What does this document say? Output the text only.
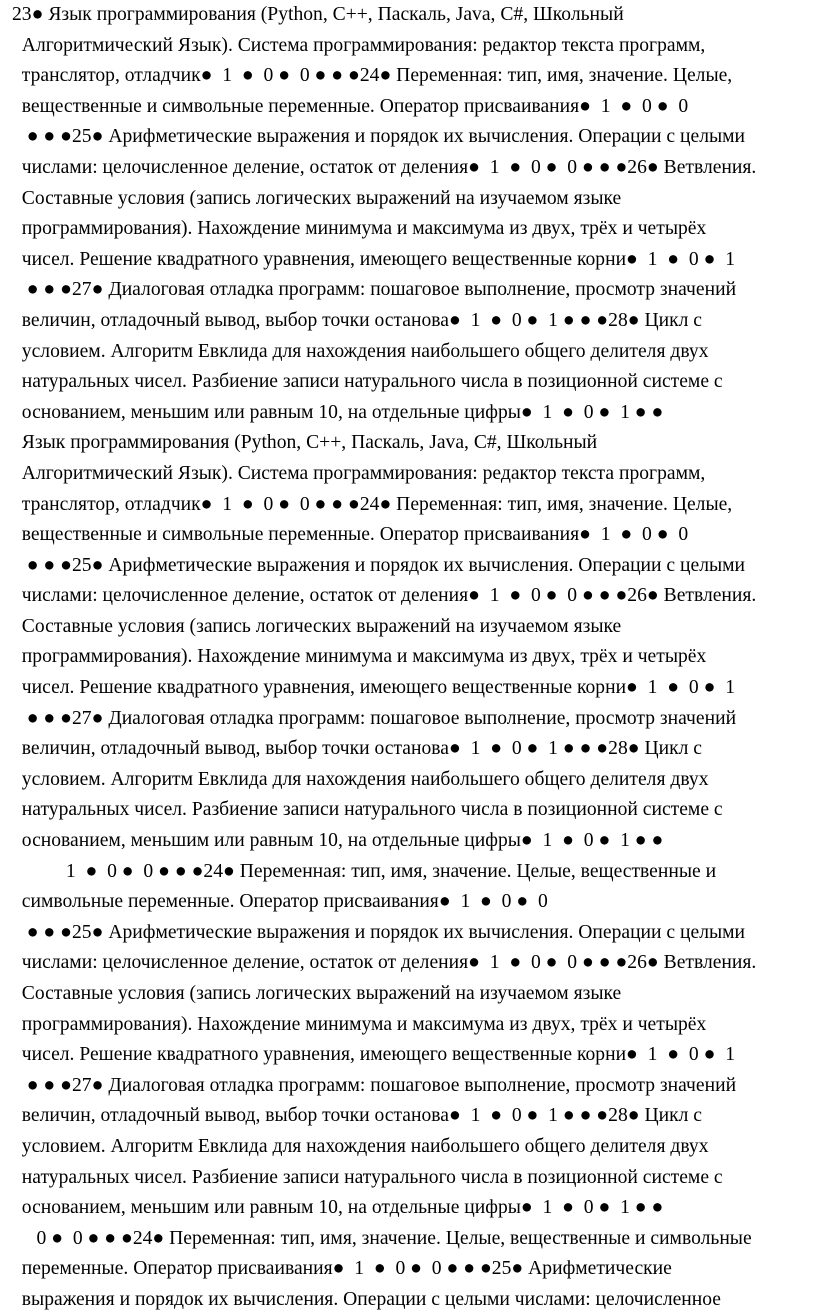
23● Язык программирования (Python, C++, Паскаль, Java, C#, Школьный
Алгоритмический Язык). Система программирования: редактор текста программ,
транслятор, отладчик●  1  ●  0 ●  0 ● ● ●24● Переменная: тип, имя, значение. Целые,
вещественные и символьные переменные. Оператор присваивания●  1  ●  0 ●  0
● ● ●25● Арифметические выражения и порядок их вычисления. Операции с целыми
числами: целочисленное деление, остаток от деления●  1  ●  0 ●  0 ● ● ●26● Ветвления.
Составные условия (запись логических выражений на изучаемом языке
программирования). Нахождение минимума и максимума из двух, трёх и четырёх
чисел. Решение квадратного уравнения, имеющего вещественные корни●  1  ●  0 ●  1
● ● ●27● Диалоговая отладка программ: пошаговое выполнение, просмотр значений
величин, отладочный вывод, выбор точки останова●  1  ●  0 ●  1 ● ● ●28● Цикл с
условием. Алгоритм Евклида для нахождения наибольшего общего делителя двух
натуральных чисел. Разбиение записи натурального числа в позиционной системе с
основанием, меньшим или равным 10, на отдельные цифры●  1  ●  0 ●  1 ● ●
Язык программирования (Python, C++, Паскаль, Java, C#, Школьный
Алгоритмический Язык). Система программирования: редактор текста программ,
транслятор, отладчик●  1  ●  0 ●  0 ● ● ●24● Переменная: тип, имя, значение. Целые,
вещественные и символьные переменные. Оператор присваивания●  1  ●  0 ●  0
● ● ●25● Арифметические выражения и порядок их вычисления. Операции с целыми
числами: целочисленное деление, остаток от деления●  1  ●  0 ●  0 ● ● ●26● Ветвления.
Составные условия (запись логических выражений на изучаемом языке
программирования). Нахождение минимума и максимума из двух, трёх и четырёх
чисел. Решение квадратного уравнения, имеющего вещественные корни●  1  ●  0 ●  1
● ● ●27● Диалоговая отладка программ: пошаговое выполнение, просмотр значений
величин, отладочный вывод, выбор точки останова●  1  ●  0 ●  1 ● ● ●28● Цикл с
условием. Алгоритм Евклида для нахождения наибольшего общего делителя двух
натуральных чисел. Разбиение записи натурального числа в позиционной системе с
основанием, меньшим или равным 10, на отдельные цифры●  1  ●  0 ●  1 ● ●
1  ●  0 ●  0 ● ● ●24● Переменная: тип, имя, значение. Целые, вещественные и
символьные переменные. Оператор присваивания●  1  ●  0 ●  0
● ● ●25● Арифметические выражения и порядок их вычисления. Операции с целыми
числами: целочисленное деление, остаток от деления●  1  ●  0 ●  0 ● ● ●26● Ветвления.
Составные условия (запись логических выражений на изучаемом языке
программирования). Нахождение минимума и максимума из двух, трёх и четырёх
чисел. Решение квадратного уравнения, имеющего вещественные корни●  1  ●  0 ●  1
● ● ●27● Диалоговая отладка программ: пошаговое выполнение, просмотр значений
величин, отладочный вывод, выбор точки останова●  1  ●  0 ●  1 ● ● ●28● Цикл с
условием. Алгоритм Евклида для нахождения наибольшего общего делителя двух
натуральных чисел. Разбиение записи натурального числа в позиционной системе с
основанием, меньшим или равным 10, на отдельные цифры●  1  ●  0 ●  1 ● ●
0 ●  0 ● ● ●24● Переменная: тип, имя, значение. Целые, вещественные и символьные
переменные. Оператор присваивания●  1  ●  0 ●  0 ● ● ●25● Арифметические
выражения и порядок их вычисления. Операции с целыми числами: целочисленное
